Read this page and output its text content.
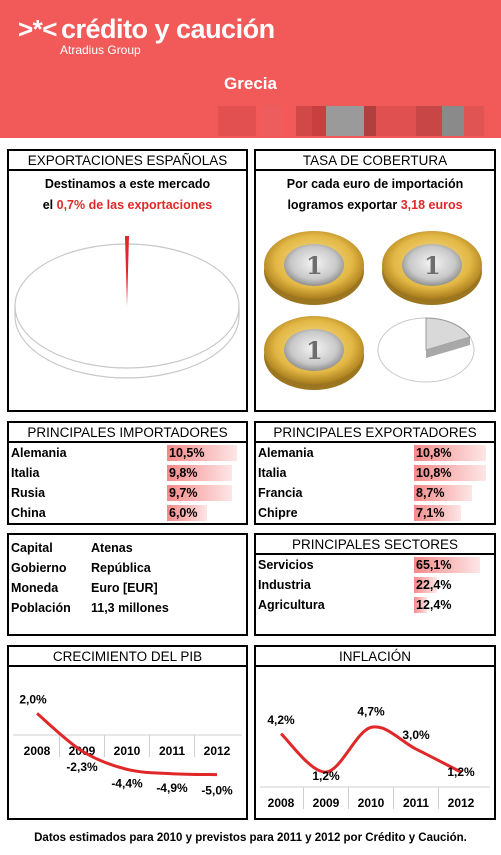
>*< crédito y caución
Atradius Group
Grecia
EXPORTACIONES ESPAÑOLAS
Destinamos a este mercado
el 0,7% de las exportaciones
TASA DE COBERTURA
Por cada euro de importación
logramos exportar 3,18 euros
1	1
1
PRINCIPALES IMPORTADORES
Alemania	10,5%
Italia	9,8%
Rusia	9,7%
China	6,0%
PRINCIPALES EXPORTADORES
Alemania	10,8%
Italia	10,8%
Francia	8,7%
Chipre	7,1%
Capital	Atenas
Gobierno República
Moneda	Euro [EUR]
Población 11,3 millones
PRINCIPALES SECTORES
Servicios	65,1%
Industria	22,4%
Agricultura	12,4%
CRECIMIENTO DEL PIB
2008 2009 2010 2011 2012
2,0%
-2,3%
-4,4% -4,9% -5,0%
INFLACIÓN
2008 2009 2010 2011 2012
4,2%
1,2%
4,7%
3,0%
1,2%
Datos estimados para 2010 y previstos para 2011 y 2012 por Crédito y Caución.
